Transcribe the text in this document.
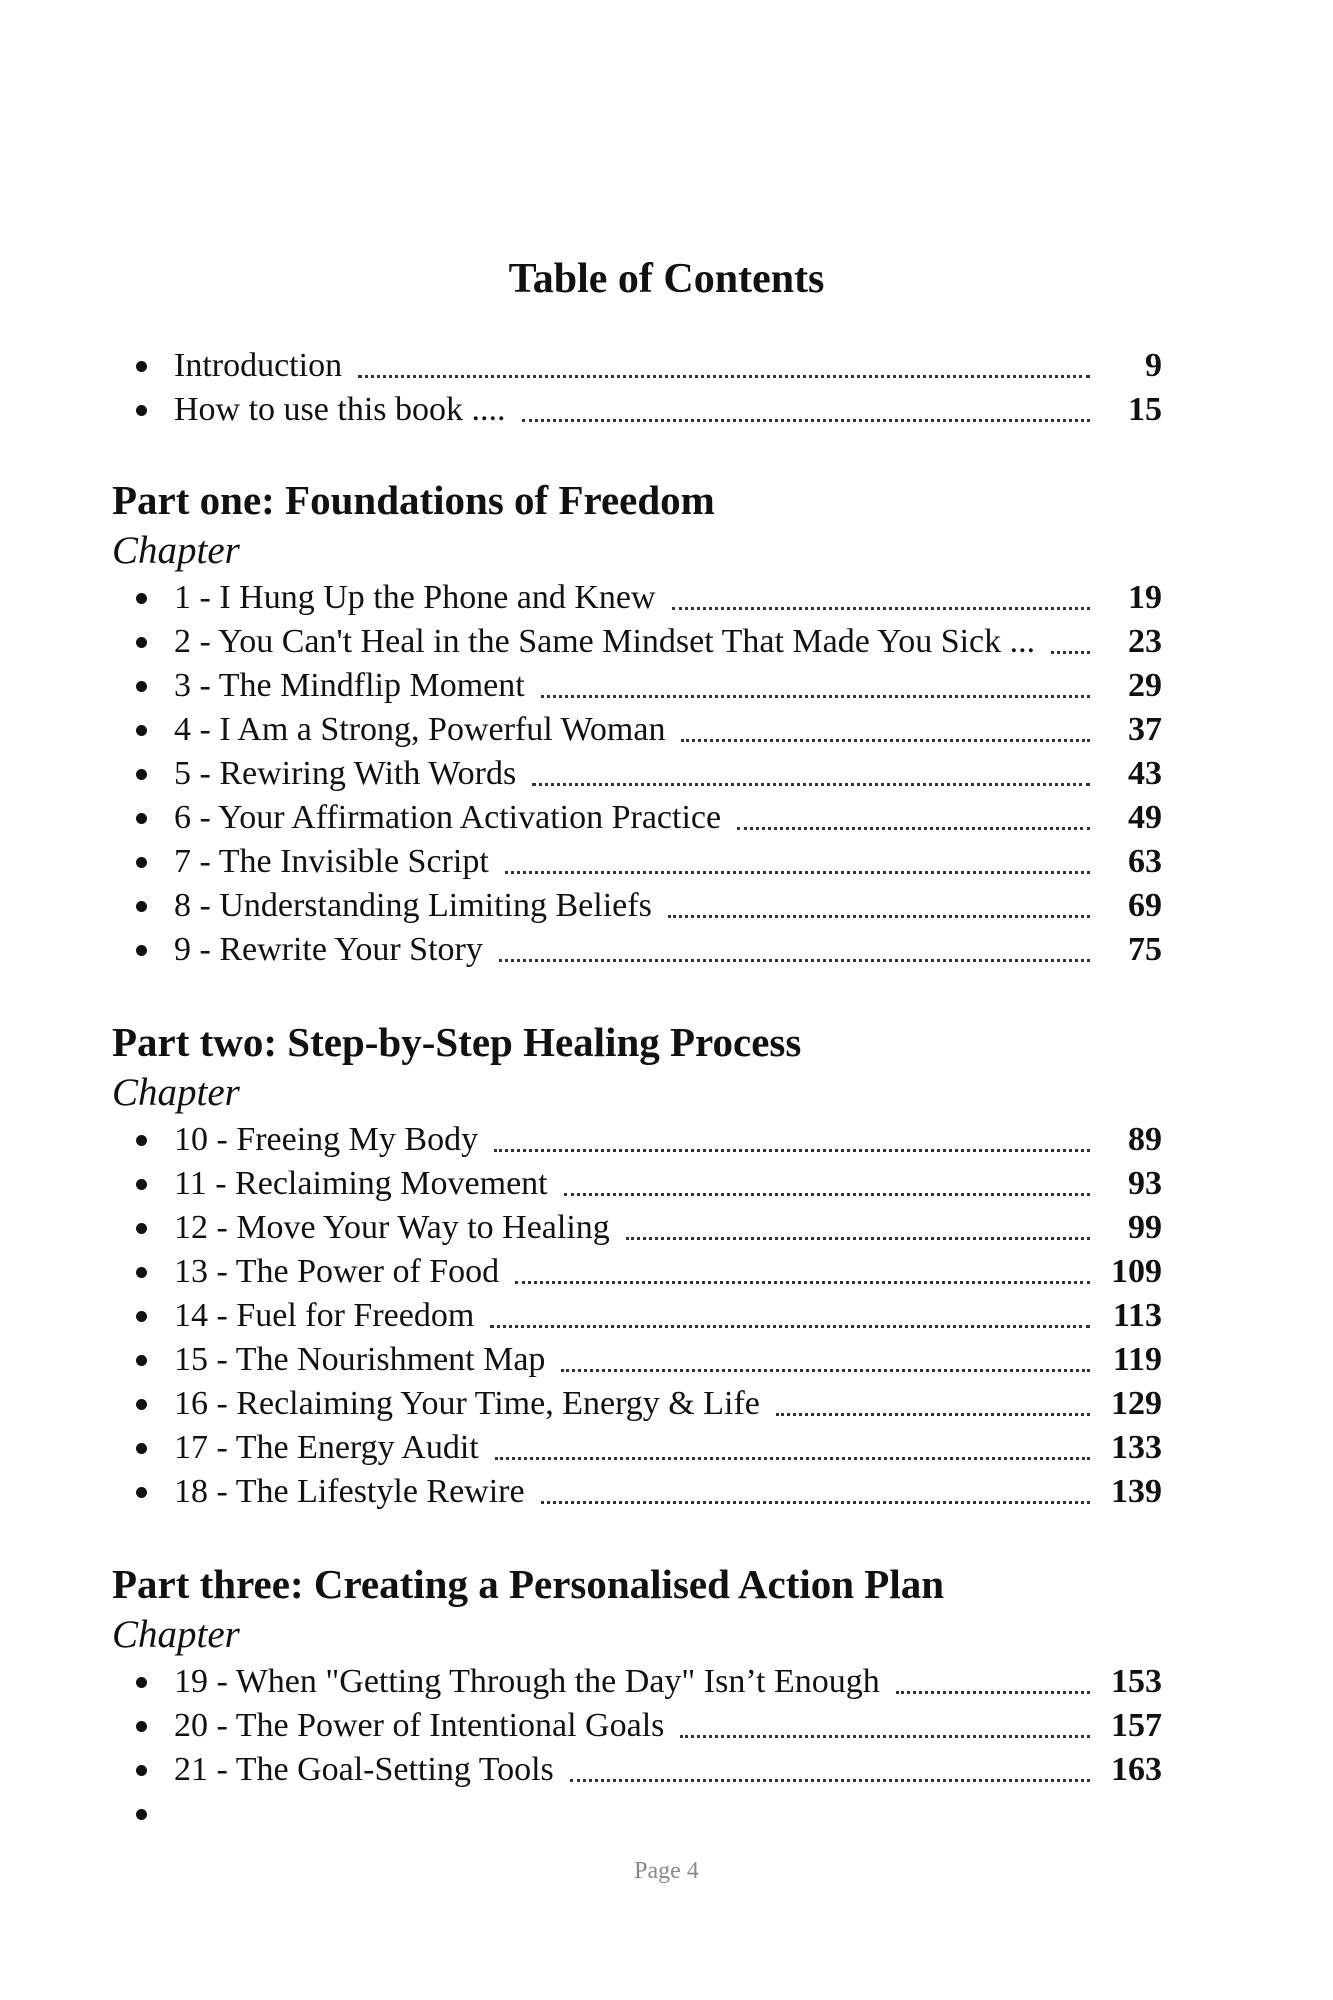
Table of Contents
Introduction	9
How to use this book ....	15
Part one: Foundations of Freedom

Chapter

1 - I Hung Up the Phone and Knew	19
2 - You Can't Heal in the Same Mindset That Made You Sick ...	23
3 - The Mindflip Moment	29
4 - I Am a Strong, Powerful Woman	37
5 - Rewiring With Words	43
6 - Your Affirmation Activation Practice	49
7 - The Invisible Script	63
8 - Understanding Limiting Beliefs	69
9 - Rewrite Your Story	75
Part two: Step-by-Step Healing Process

Chapter

10 - Freeing My Body	89
11 - Reclaiming Movement	93
12 - Move Your Way to Healing	99
13 - The Power of Food	109
14 - Fuel for Freedom	113
15 - The Nourishment Map	119
16 - Reclaiming Your Time, Energy & Life	129
17 - The Energy Audit	133
18 - The Lifestyle Rewire	139
Part three: Creating a Personalised Action Plan

Chapter

19 - When "Getting Through the Day" Isn’t Enough	153
20 - The Power of Intentional Goals	157
21 - The Goal-Setting Tools	163
Page 4
